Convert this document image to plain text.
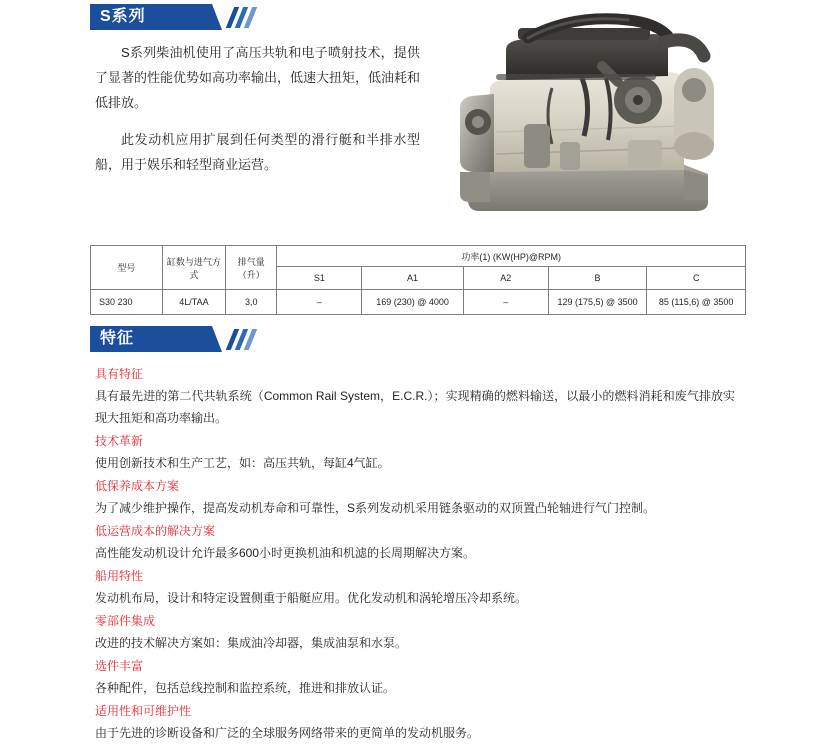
S系列

S系列柴油机使用了高压共轨和电子喷射技术，提供了显著的性能优势如高功率输出，低速大扭矩，低油耗和低排放。

此发动机应用扩展到任何类型的滑行艇和半排水型船，用于娱乐和轻型商业运营。

型号	缸数与进气方式	排气量（升）	功率(1) (KW(HP)@RPM)				
			S1	A1	A2	B	C
S30 230	4L/TAA	3,0	–	169 (230) @ 4000	–	129 (175,5) @ 3500	85 (115,6) @ 3500
特征

具有特征

具有最先进的第二代共轨系统（Common Rail System，E.C.R.）；实现精确的燃料输送，以最小的燃料消耗和废气排放实现大扭矩和高功率输出。

技术革新

使用创新技术和生产工艺，如：高压共轨，每缸4气缸。

低保养成本方案

为了减少维护操作，提高发动机寿命和可靠性，S系列发动机采用链条驱动的双顶置凸轮轴进行气门控制。

低运营成本的解决方案

高性能发动机设计允许最多600小时更换机油和机滤的长周期解决方案。

船用特性

发动机布局，设计和特定设置侧重于船艇应用。优化发动机和涡轮增压冷却系统。

零部件集成

改进的技术解决方案如：集成油冷却器，集成油泵和水泵。

选件丰富

各种配件，包括总线控制和监控系统，推进和排放认证。

适用性和可维护性

由于先进的诊断设备和广泛的全球服务网络带来的更简单的发动机服务。
